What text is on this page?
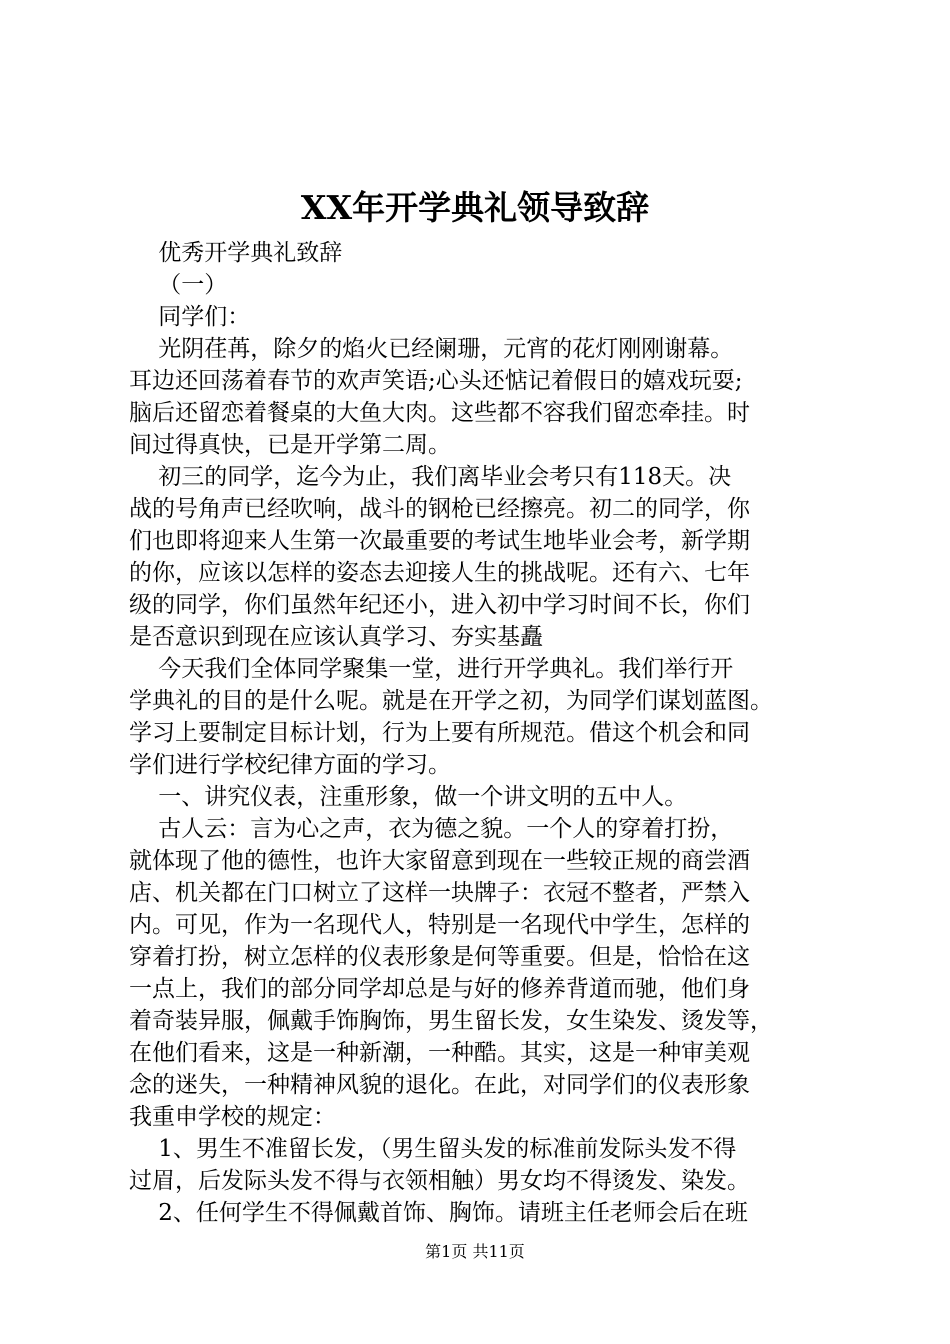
XX年开学典礼领导致辞
优秀开学典礼致辞
（一）
同学们：
光阴荏苒，除夕的焰火已经阑珊，元宵的花灯刚刚谢幕。
耳边还回荡着春节的欢声笑语;心头还惦记着假日的嬉戏玩耍;
脑后还留恋着餐桌的大鱼大肉。这些都不容我们留恋牵挂。时
间过得真快，已是开学第二周。
初三的同学，迄今为止，我们离毕业会考只有118天。决
战的号角声已经吹响，战斗的钢枪已经擦亮。初二的同学，你
们也即将迎来人生第一次最重要的考试生地毕业会考，新学期
的你，应该以怎样的姿态去迎接人生的挑战呢。还有六、七年
级的同学，你们虽然年纪还小，进入初中学习时间不长，你们
是否意识到现在应该认真学习、夯实基矗
今天我们全体同学聚集一堂，进行开学典礼。我们举行开
学典礼的目的是什么呢。就是在开学之初，为同学们谋划蓝图。
学习上要制定目标计划，行为上要有所规范。借这个机会和同
学们进行学校纪律方面的学习。
一、讲究仪表，注重形象，做一个讲文明的五中人。
古人云：言为心之声，衣为德之貌。一个人的穿着打扮，
就体现了他的德性，也许大家留意到现在一些较正规的商尝酒
店、机关都在门口树立了这样一块牌子：衣冠不整者，严禁入
内。可见，作为一名现代人，特别是一名现代中学生，怎样的
穿着打扮，树立怎样的仪表形象是何等重要。但是，恰恰在这
一点上，我们的部分同学却总是与好的修养背道而驰，他们身
着奇装异服，佩戴手饰胸饰，男生留长发，女生染发、烫发等，
在他们看来，这是一种新潮，一种酷。其实，这是一种审美观
念的迷失，一种精神风貌的退化。在此，对同学们的仪表形象
我重申学校的规定：
1、男生不准留长发，（男生留头发的标准前发际头发不得
过眉，后发际头发不得与衣领相触）男女均不得烫发、染发。
2、任何学生不得佩戴首饰、胸饰。请班主任老师会后在班
第1页 共11页
